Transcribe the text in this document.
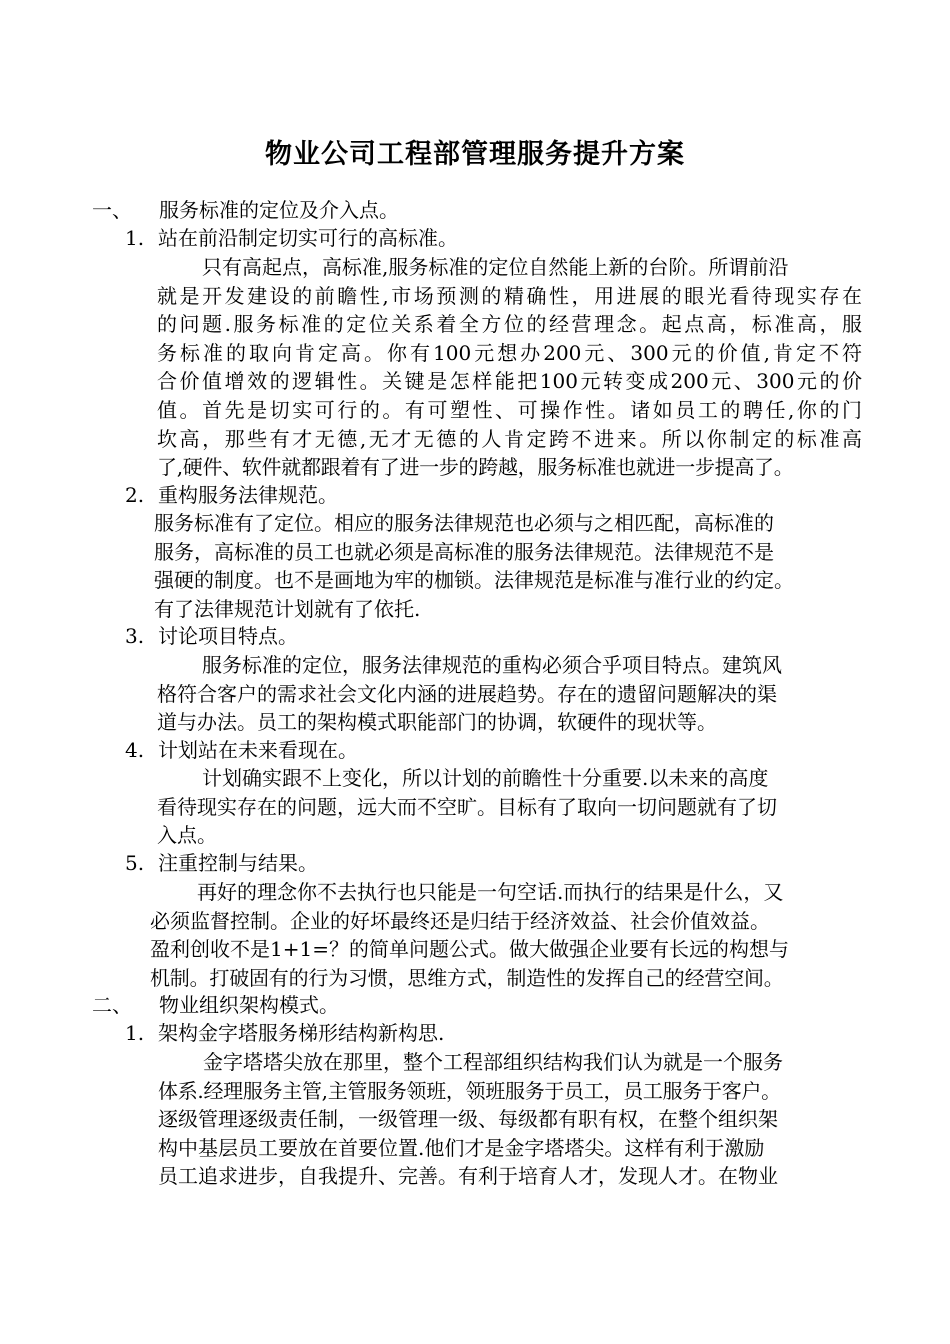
物业公司工程部管理服务提升方案
一、 服务标准的定位及介入点。
1. 站在前沿制定切实可行的高标准。
只有高起点，高标准,服务标准的定位自然能上新的台阶。所谓前沿
就是开发建设的前瞻性,市场预测的精确性，用进展的眼光看待现实存在
的问题.服务标准的定位关系着全方位的经营理念。起点高，标准高，服
务标准的取向肯定高。你有100元想办200元、300元的价值,肯定不符
合价值增效的逻辑性。关键是怎样能把100元转变成200元、300元的价
值。首先是切实可行的。有可塑性、可操作性。诸如员工的聘任,你的门
坎高，那些有才无德,无才无德的人肯定跨不进来。所以你制定的标准高
了,硬件、软件就都跟着有了进一步的跨越，服务标准也就进一步提高了。
2. 重构服务法律规范。
服务标准有了定位。相应的服务法律规范也必须与之相匹配，高标准的
服务，高标准的员工也就必须是高标准的服务法律规范。法律规范不是
强硬的制度。也不是画地为牢的枷锁。法律规范是标准与准行业的约定。
有了法律规范计划就有了依托.
3. 讨论项目特点。
服务标准的定位，服务法律规范的重构必须合乎项目特点。建筑风
格符合客户的需求社会文化内涵的进展趋势。存在的遗留问题解决的渠
道与办法。员工的架构模式职能部门的协调，软硬件的现状等。
4. 计划站在未来看现在。
计划确实跟不上变化，所以计划的前瞻性十分重要.以未来的高度
看待现实存在的问题，远大而不空旷。目标有了取向一切问题就有了切
入点。
5. 注重控制与结果。
再好的理念你不去执行也只能是一句空话.而执行的结果是什么，又
必须监督控制。企业的好坏最终还是归结于经济效益、社会价值效益。
盈利创收不是1+1=？的简单问题公式。做大做强企业要有长远的构想与
机制。打破固有的行为习惯，思维方式，制造性的发挥自己的经营空间。
二、 物业组织架构模式。
1. 架构金字塔服务梯形结构新构思.
金字塔塔尖放在那里，整个工程部组织结构我们认为就是一个服务
体系.经理服务主管,主管服务领班，领班服务于员工，员工服务于客户。
逐级管理逐级责任制，一级管理一级、每级都有职有权，在整个组织架
构中基层员工要放在首要位置.他们才是金字塔塔尖。这样有利于激励
员工追求进步，自我提升、完善。有利于培育人才，发现人才。在物业
